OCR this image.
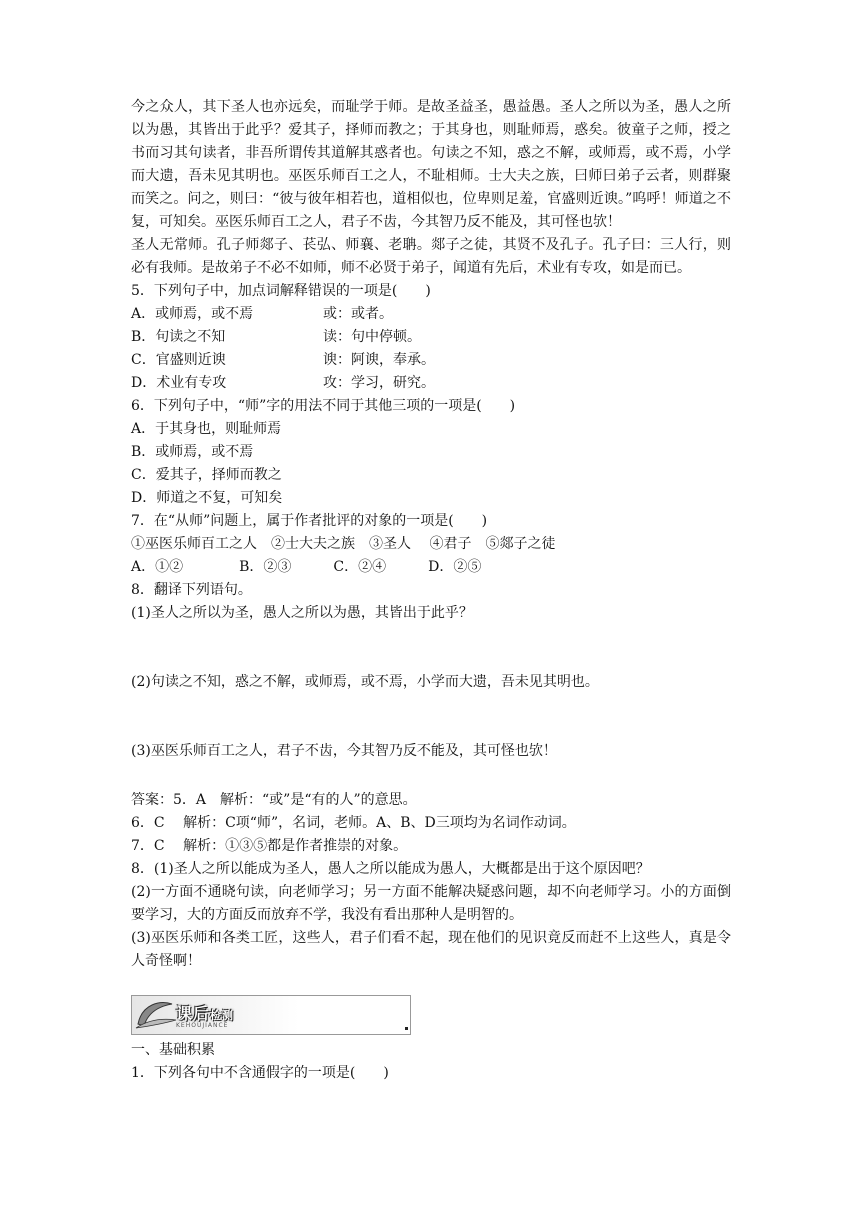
今之众人，其下圣人也亦远矣，而耻学于师。是故圣益圣，愚益愚。圣人之所以为圣，愚人之所以为愚，其皆出于此乎？爱其子，择师而教之；于其身也，则耻师焉，惑矣。彼童子之师，授之书而习其句读者，非吾所谓传其道解其惑者也。句读之不知，惑之不解，或师焉，或不焉，小学而大遗，吾未见其明也。巫医乐师百工之人，不耻相师。士大夫之族，曰师曰弟子云者，则群聚而笑之。问之，则曰：“彼与彼年相若也，道相似也，位卑则足羞，官盛则近谀。”呜呼！师道之不复，可知矣。巫医乐师百工之人，君子不齿，今其智乃反不能及，其可怪也欤！

圣人无常师。孔子师郯子、苌弘、师襄、老聃。郯子之徒，其贤不及孔子。孔子曰：三人行，则必有我师。是故弟子不必不如师，师不必贤于弟子，闻道有先后，术业有专攻，如是而已。

5．下列句子中，加点词解释错误的一项是(　　)

A．或师焉，或不焉	或：或者。
B．句读之不知	读：句中停顿。
C．官盛则近谀	谀：阿谀，奉承。
D．术业有专攻	攻：学习，研究。

6．下列句子中，“师”字的用法不同于其他三项的一项是(　　)

A．于其身也，则耻师焉

B．或师焉，或不焉

C．爱其子，择师而教之

D．师道之不复，可知矣

7．在“从师”问题上，属于作者批评的对象的一项是(　　)

①巫医乐师百工之人　②士大夫之族　③圣人　 ④君子　⑤郯子之徒

A．①②　　　　B．②③　　　C．②④　　　D．②⑤

8．翻译下列语句。

(1)圣人之所以为圣，愚人之所以为愚，其皆出于此乎？

(2)句读之不知，惑之不解，或师焉，或不焉，小学而大遗，吾未见其明也。

(3)巫医乐师百工之人，君子不齿，今其智乃反不能及，其可怪也欤！

答案：5．A　解析：“或”是“有的人”的意思。

6．C　 解析：C项“师”，名词，老师。A、B、D三项均为名词作动词。

7．C　 解析：①③⑤都是作者推崇的对象。

8．(1)圣人之所以能成为圣人，愚人之所以能成为愚人，大概都是出于这个原因吧？

(2)一方面不通晓句读，向老师学习；另一方面不能解决疑惑问题，却不向老师学习。小的方面倒要学习，大的方面反而放弃不学，我没有看出那种人是明智的。

(3)巫医乐师和各类工匠，这些人，君子们看不起，现在他们的见识竟反而赶不上这些人，真是令人奇怪啊！

课后检测
KEHOUJIANCE

一、基础积累

1．下列各句中不含通假字的一项是(　　)
